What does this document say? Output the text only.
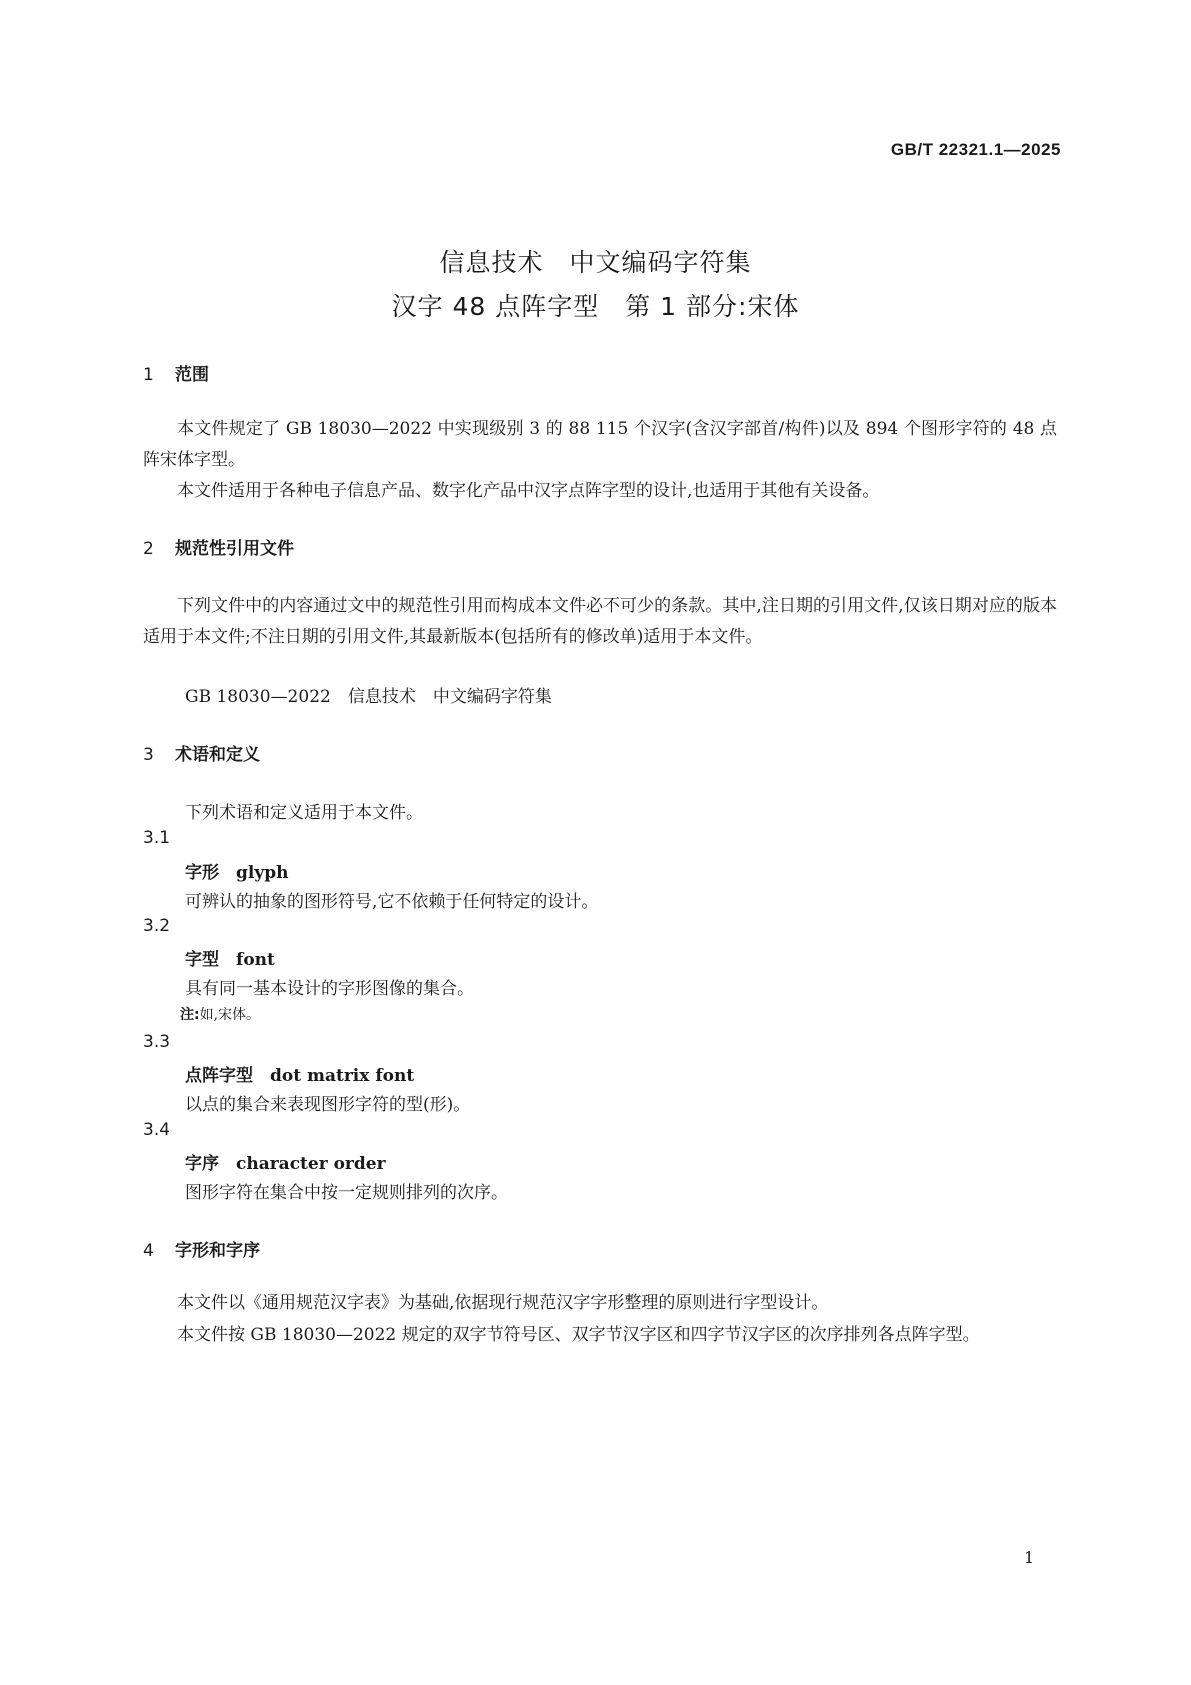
GB/T 22321.1—2025
信息技术　中文编码字符集
汉字 48 点阵字型　第 1 部分:宋体
1 范围
本文件规定了 GB 18030—2022 中实现级别 3 的 88 115 个汉字(含汉字部首/构件)以及 894 个图形字符的 48 点阵宋体字型。
本文件适用于各种电子信息产品、数字化产品中汉字点阵字型的设计,也适用于其他有关设备。
2 规范性引用文件
下列文件中的内容通过文中的规范性引用而构成本文件必不可少的条款。其中,注日期的引用文件,仅该日期对应的版本适用于本文件;不注日期的引用文件,其最新版本(包括所有的修改单)适用于本文件。
GB 18030—2022　信息技术　中文编码字符集
3 术语和定义
下列术语和定义适用于本文件。
3.1
字形　 glyph
可辨认的抽象的图形符号,它不依赖于任何特定的设计。
3.2
字型　 font
具有同一基本设计的字形图像的集合。
注:如,宋体。
3.3
点阵字型　 dot matrix font
以点的集合来表现图形字符的型(形)。
3.4
字序　 character order
图形字符在集合中按一定规则排列的次序。
4 字形和字序
本文件以《通用规范汉字表》为基础,依据现行规范汉字字形整理的原则进行字型设计。
本文件按 GB 18030—2022 规定的双字节符号区、双字节汉字区和四字节汉字区的次序排列各点阵字型。
1
